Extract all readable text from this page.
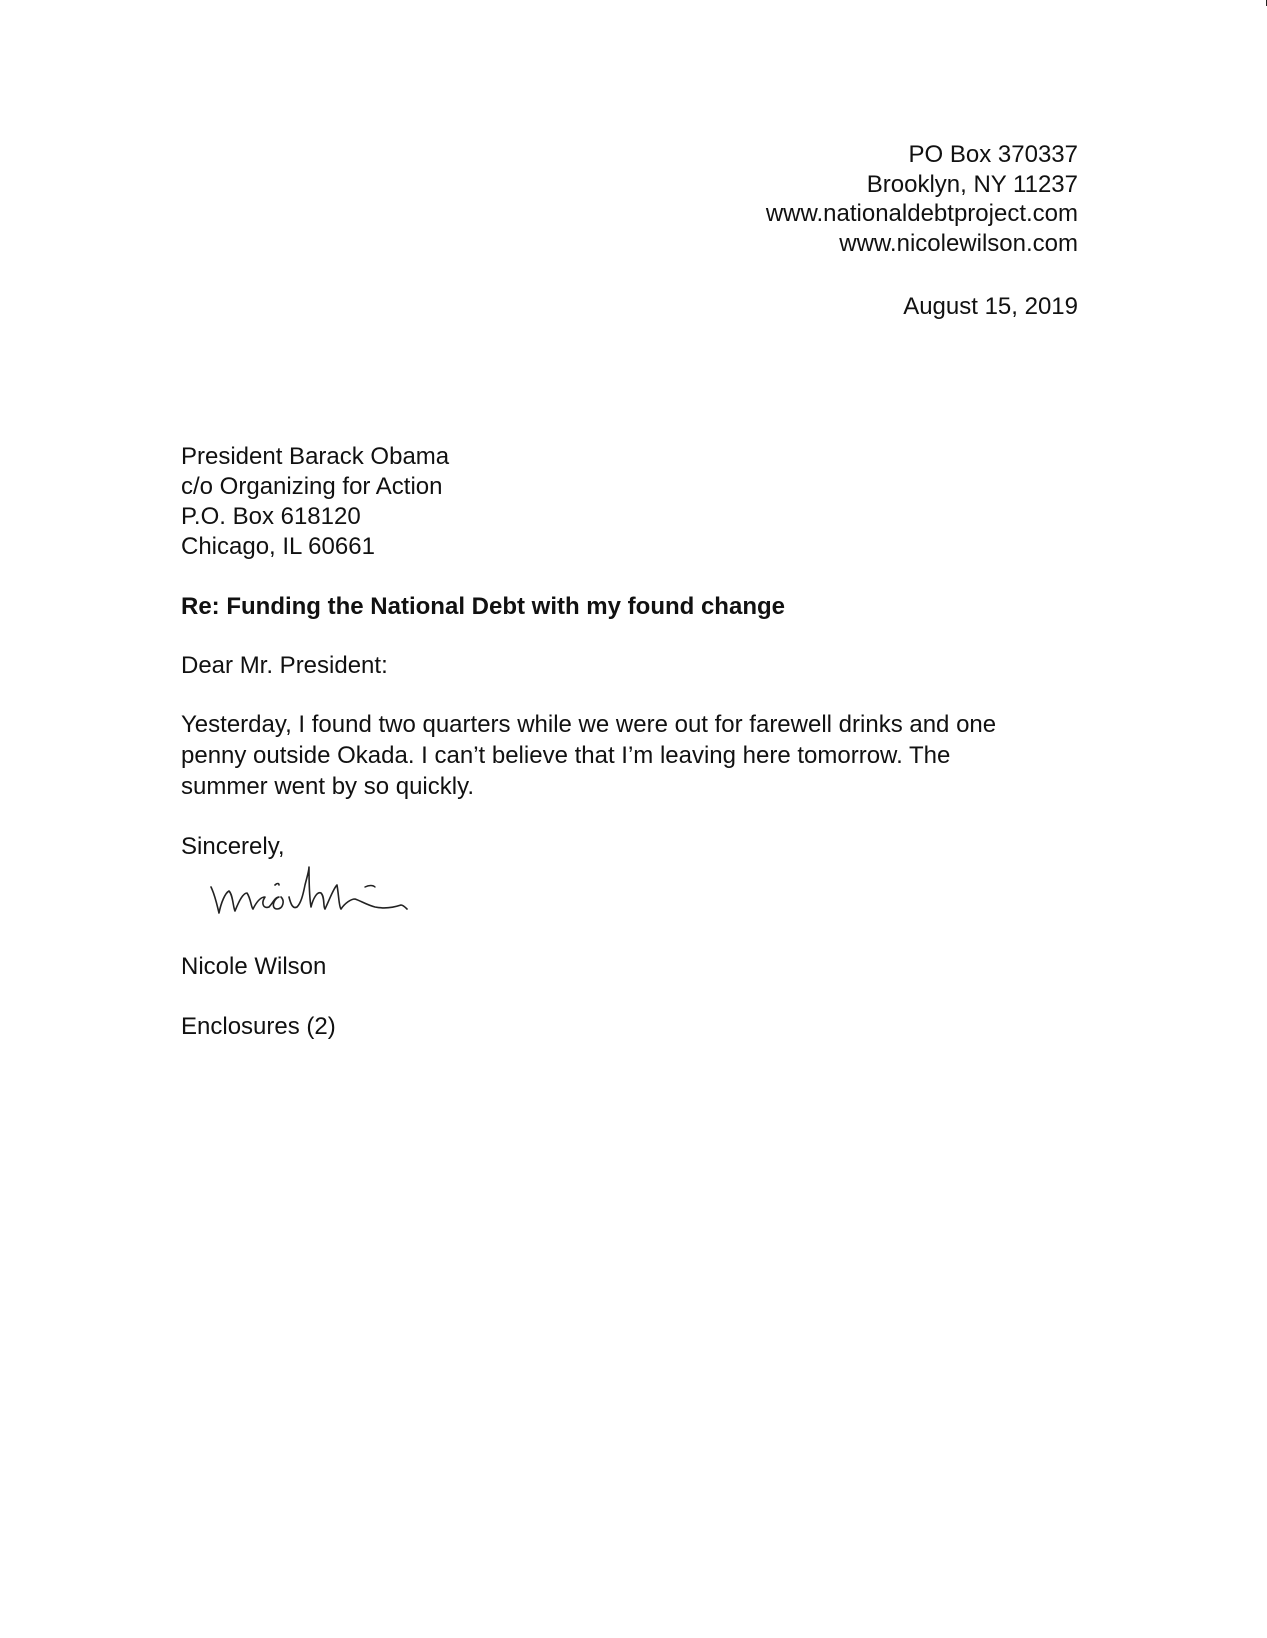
PO Box 370337
Brooklyn, NY 11237
www.nationaldebtproject.com
www.nicolewilson.com
August 15, 2019
President Barack Obama
c/o Organizing for Action
P.O. Box 618120
Chicago, IL 60661
Re: Funding the National Debt with my found change
Dear Mr. President:
Yesterday, I found two quarters while we were out for farewell drinks and one penny outside Okada. I can’t believe that I’m leaving here tomorrow. The summer went by so quickly.
Sincerely,
Nicole Wilson
Enclosures (2)
